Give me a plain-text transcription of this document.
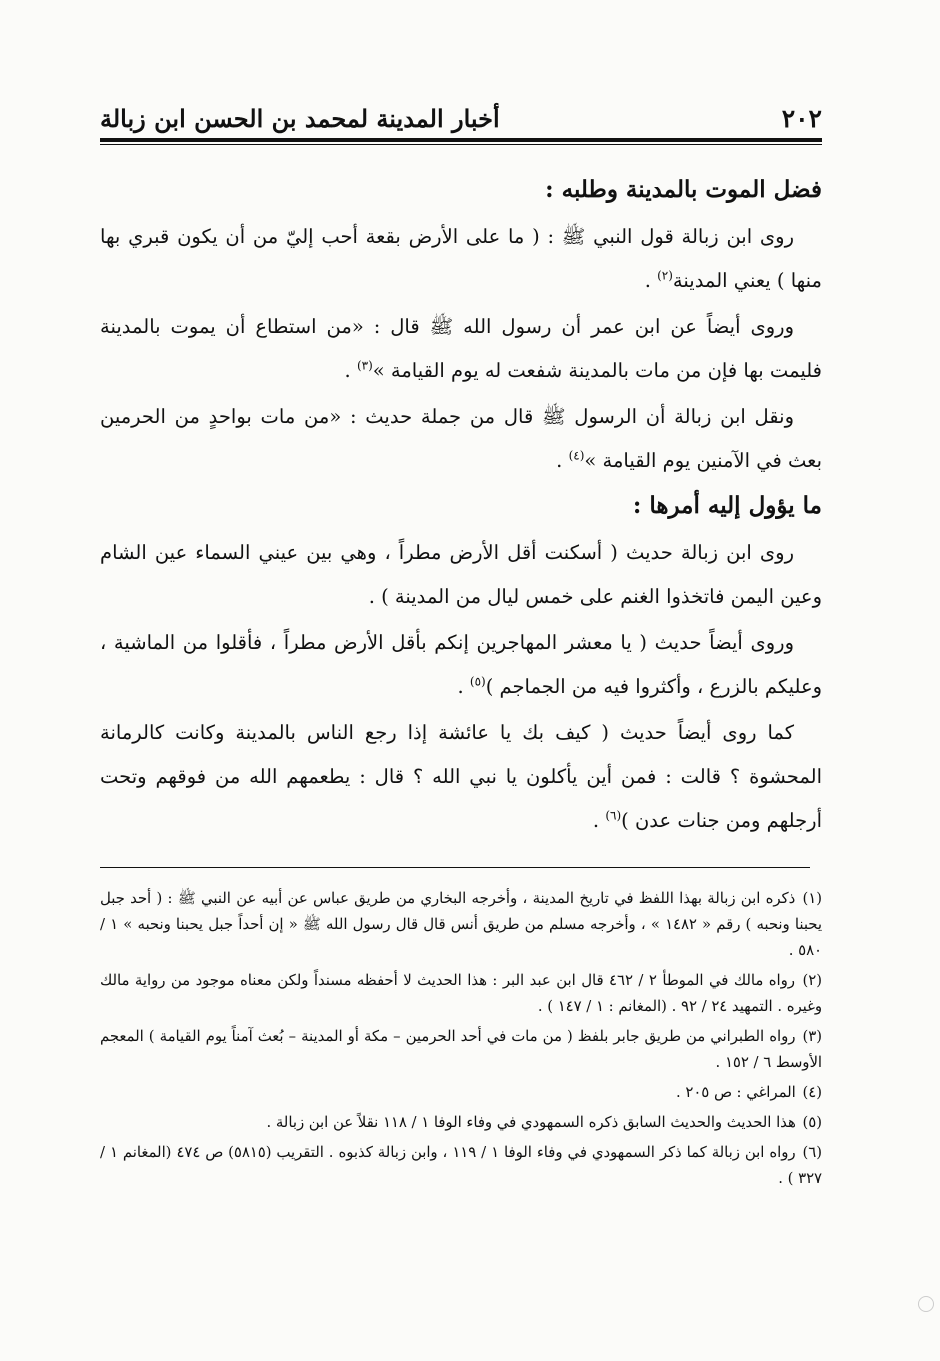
٢٠٢
أخبار المدينة لمحمد بن الحسن ابن زبالة
فضل الموت بالمدينة وطلبه :

روى ابن زبالة قول النبي ﷺ : ( ما على الأرض بقعة أحب إليّ من أن يكون قبري بها منها ) يعني المدينة$^{(٢)}$ .

وروى أيضاً عن ابن عمر أن رسول الله ﷺ قال : «من استطاع أن يموت بالمدينة فليمت بها فإن من مات بالمدينة شفعت له يوم القيامة »$^{(٣)}$ .

ونقل ابن زبالة أن الرسول ﷺ قال من جملة حديث : «من مات بواحدٍ من الحرمين بعث في الآمنين يوم القيامة »$^{(٤)}$ .

ما يؤول إليه أمرها :

روى ابن زبالة حديث ( أسكنت أقل الأرض مطراً ، وهي بين عيني السماء عين الشام وعين اليمن فاتخذوا الغنم على خمس ليال من المدينة ) .

وروى أيضاً حديث ( يا معشر المهاجرين إنكم بأقل الأرض مطراً ، فأقلوا من الماشية ، وعليكم بالزرع ، وأكثروا فيه من الجماجم )$^{(٥)}$ .

كما روى أيضاً حديث ( كيف بك يا عائشة إذا رجع الناس بالمدينة وكانت كالرمانة المحشوة ؟ قالت : فمن أين يأكلون يا نبي الله ؟ قال : يطعمهم الله من فوقهم وتحت أرجلهم ومن جنات عدن )$^{(٦)}$ .

(١) ذكره ابن زبالة بهذا اللفظ في تاريخ المدينة ، وأخرجه البخاري من طريق عباس عن أبيه عن النبي ﷺ : ( أحد جبل يحبنا ونحبه ) رقم « ١٤٨٢ » ، وأخرجه مسلم من طريق أنس قال قال رسول الله ﷺ « إن أحداً جبل يحبنا ونحبه » ١ / ٥٨٠ .

(٢) رواه مالك في الموطأ ٢ / ٤٦٢ قال ابن عبد البر : هذا الحديث لا أحفظه مسنداً ولكن معناه موجود من رواية مالك وغيره . التمهيد ٢٤ / ٩٢ . (المغانم : ١ / ١٤٧ ) .

(٣) رواه الطبراني من طريق جابر بلفظ ( من مات في أحد الحرمين – مكة أو المدينة – بُعث آمناً يوم القيامة ) المعجم الأوسط ٦ / ١٥٢ .

(٤) المراغي : ص ٢٠٥ .

(٥) هذا الحديث والحديث السابق ذكره السمهودي في وفاء الوفا ١ / ١١٨ نقلاً عن ابن زبالة .

(٦) رواه ابن زبالة كما ذكر السمهودي في وفاء الوفا ١ / ١١٩ ، وابن زبالة كذبوه . التقريب (٥٨١٥) ص ٤٧٤ (المغانم ١ / ٣٢٧ ) .
